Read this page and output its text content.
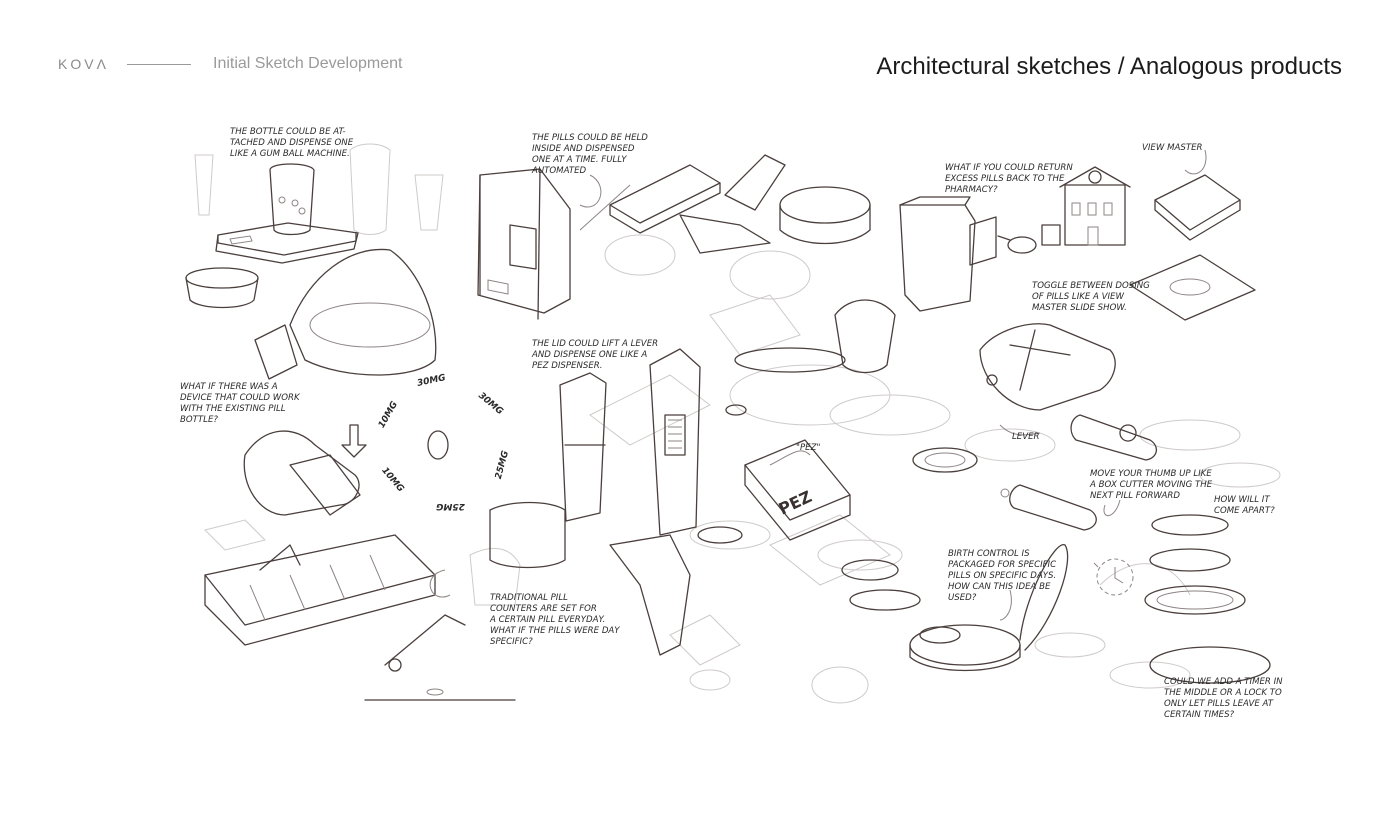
KOVΛ	Initial Sketch Development	Architectural sketches / Analogous products
PEZ
THE BOTTLE COULD BE AT-
TACHED AND DISPENSE ONE
LIKE A GUM BALL MACHINE.
THE PILLS COULD BE HELD
INSIDE AND DISPENSED
ONE AT A TIME. FULLY
AUTOMATED	WHAT IF YOU COULD RETURN
EXCESS PILLS BACK TO THE
PHARMACY?
VIEW MASTER
TOGGLE BETWEEN DOSING
OF PILLS LIKE A VIEW
MASTER SLIDE SHOW.
THE LID COULD LIFT A LEVER
AND DISPENSE ONE LIKE A
PEZ DISPENSER.
WHAT IF THERE WAS A
DEVICE THAT COULD WORK
WITH THE EXISTING PILL
BOTTLE?
"PEZ"
LEVER
MOVE YOUR THUMB UP LIKE
A BOX CUTTER MOVING THE
NEXT PILL FORWARD	HOW WILL IT
COME APART?
BIRTH CONTROL IS
PACKAGED FOR SPECIFIC
PILLS ON SPECIFIC DAYS.
HOW CAN THIS IDEA BE
USED?
TRADITIONAL PILL
COUNTERS ARE SET FOR
A CERTAIN PILL EVERYDAY.
WHAT IF THE PILLS WERE DAY
SPECIFIC?
COULD WE ADD A TIMER IN
THE MIDDLE OR A LOCK TO
ONLY LET PILLS LEAVE AT
CERTAIN TIMES?
30MG
30MG
10MG
10MG	25MG
25MG
